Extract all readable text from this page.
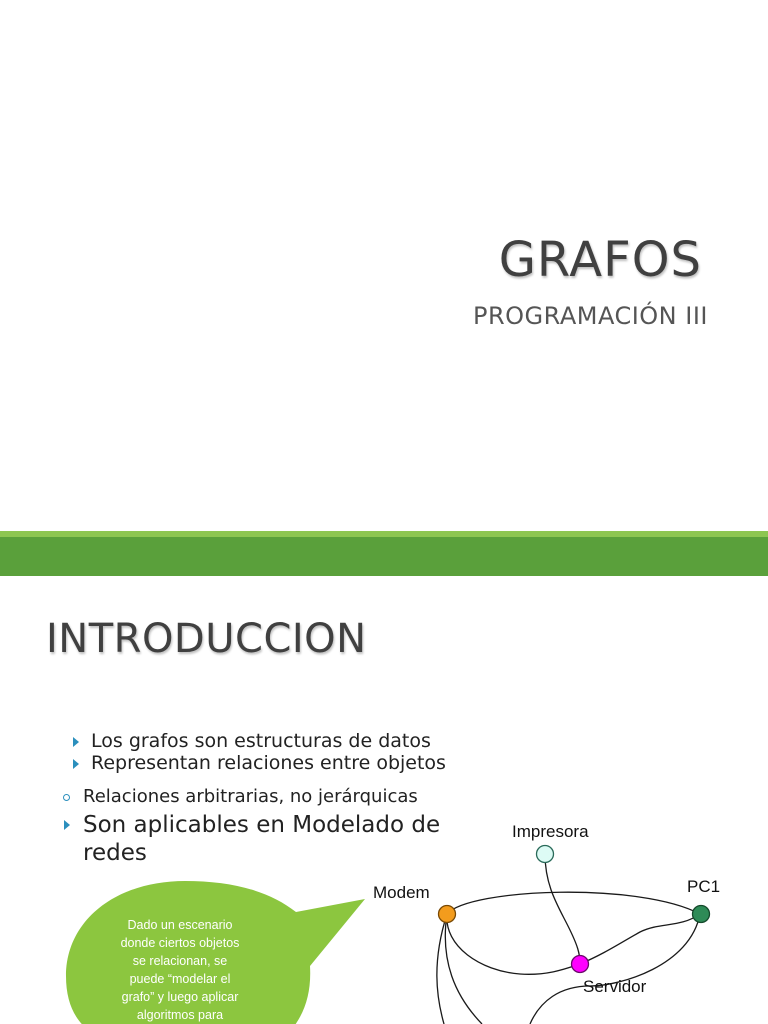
GRAFOS
PROGRAMACIÓN III
INTRODUCCION
Los grafos son estructuras de datos
Representan relaciones entre objetos
Relaciones arbitrarias, no jerárquicas
Son aplicables en Modelado de redes
Dado un escenario donde ciertos objetos se relacionan, se puede “modelar el grafo” y luego aplicar algoritmos para
Impresora
Modem	PC1
Servidor
